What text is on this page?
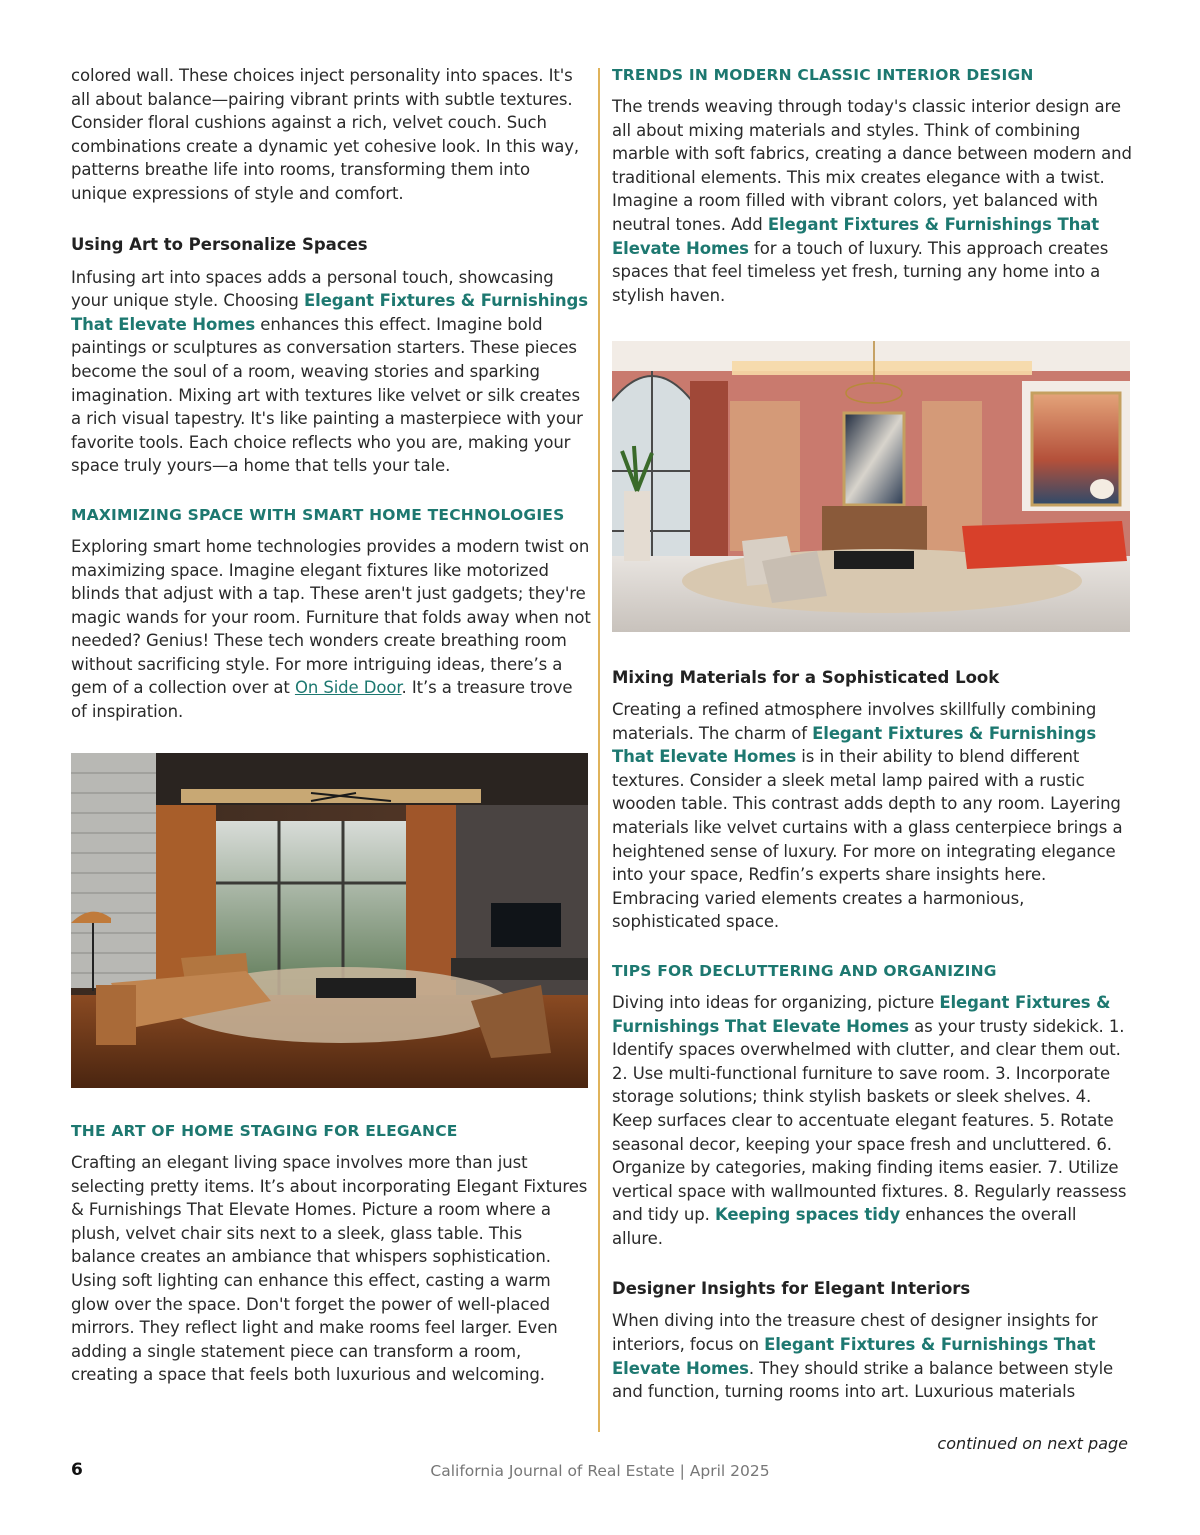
colored wall. These choices inject personality into spaces. It's all about balance—pairing vibrant prints with subtle textures. Consider floral cushions against a rich, velvet couch. Such combinations create a dynamic yet cohesive look. In this way, patterns breathe life into rooms, transforming them into unique expressions of style and comfort.

Using Art to Personalize Spaces

Infusing art into spaces adds a personal touch, showcasing your unique style. Choosing Elegant Fixtures & Furnishings That Elevate Homes enhances this effect. Imagine bold paintings or sculptures as conversation starters. These pieces become the soul of a room, weaving stories and sparking imagination. Mixing art with textures like velvet or silk creates a rich visual tapestry. It's like painting a masterpiece with your favorite tools. Each choice reflects who you are, making your space truly yours—a home that tells your tale.

MAXIMIZING SPACE WITH SMART HOME TECHNOLOGIES

Exploring smart home technologies provides a modern twist on maximizing space. Imagine elegant fixtures like motorized blinds that adjust with a tap. These aren't just gadgets; they're magic wands for your room. Furniture that folds away when not needed? Genius! These tech wonders create breathing room without sacrificing style. For more intriguing ideas, there’s a gem of a collection over at On Side Door. It’s a treasure trove of inspiration.

THE ART OF HOME STAGING FOR ELEGANCE

Crafting an elegant living space involves more than just selecting pretty items. It’s about incorporating Elegant Fixtures & Furnishings That Elevate Homes. Picture a room where a plush, velvet chair sits next to a sleek, glass table. This balance creates an ambiance that whispers sophistication. Using soft lighting can enhance this effect, casting a warm glow over the space. Don't forget the power of well-placed mirrors. They reflect light and make rooms feel larger. Even adding a single statement piece can transform a room, creating a space that feels both luxurious and welcoming.

TRENDS IN MODERN CLASSIC INTERIOR DESIGN

The trends weaving through today's classic interior design are all about mixing materials and styles. Think of combining marble with soft fabrics, creating a dance between modern and traditional elements. This mix creates elegance with a twist. Imagine a room filled with vibrant colors, yet balanced with neutral tones. Add Elegant Fixtures & Furnishings That Elevate Homes for a touch of luxury. This approach creates spaces that feel timeless yet fresh, turning any home into a stylish haven.

Mixing Materials for a Sophisticated Look

Creating a refined atmosphere involves skillfully combining materials. The charm of Elegant Fixtures & Furnishings That Elevate Homes is in their ability to blend different textures. Consider a sleek metal lamp paired with a rustic wooden table. This contrast adds depth to any room. Layering materials like velvet curtains with a glass centerpiece brings a heightened sense of luxury. For more on integrating elegance into your space, Redfin’s experts share insights here. Embracing varied elements creates a harmonious, sophisticated space.

TIPS FOR DECLUTTERING AND ORGANIZING

Diving into ideas for organizing, picture Elegant Fixtures & Furnishings That Elevate Homes as your trusty sidekick. 1. Identify spaces overwhelmed with clutter, and clear them out. 2. Use multi-functional furniture to save room. 3. Incorporate storage solutions; think stylish baskets or sleek shelves. 4. Keep surfaces clear to accentuate elegant features. 5. Rotate seasonal decor, keeping your space fresh and uncluttered. 6. Organize by categories, making finding items easier. 7. Utilize vertical space with wallmounted fixtures. 8. Regularly reassess and tidy up. Keeping spaces tidy enhances the overall allure.

Designer Insights for Elegant Interiors

When diving into the treasure chest of designer insights for interiors, focus on Elegant Fixtures & Furnishings That Elevate Homes. They should strike a balance between style and function, turning rooms into art. Luxurious materials

continued on next page
6	California Journal of Real Estate | April 2025
